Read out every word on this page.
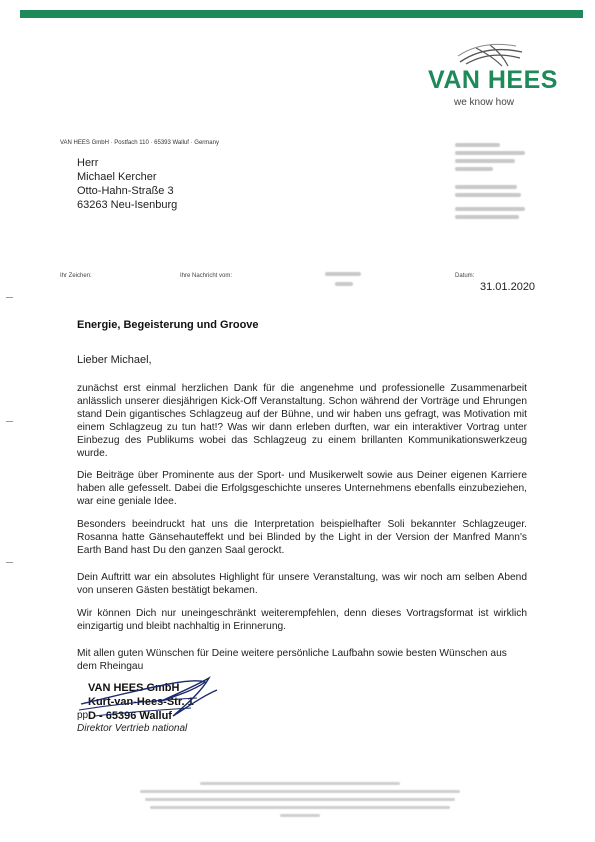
VAN HEES
we know how
VAN HEES GmbH · Postfach 110 · 65393 Walluf · Germany
Herr
Michael Kercher
Otto-Hahn-Straße 3
63263 Neu-Isenburg
Ihr Zeichen:	Ihre Nachricht vom:	Datum:
31.01.2020
Energie, Begeisterung und Groove
Lieber Michael,
zunächst erst einmal herzlichen Dank für die angenehme und professionelle Zusammenarbeit anlässlich unserer diesjährigen Kick-Off Veranstaltung. Schon während der Vorträge und Ehrungen stand Dein gigantisches Schlagzeug auf der Bühne, und wir haben uns gefragt, was Motivation mit einem Schlagzeug zu tun hat!? Was wir dann erleben durften, war ein interaktiver Vortrag unter Einbezug des Publikums wobei das Schlagzeug zu einem brillanten Kommunikationswerkzeug wurde.
Die Beiträge über Prominente aus der Sport- und Musikerwelt sowie aus Deiner eigenen Karriere haben alle gefesselt. Dabei die Erfolgsgeschichte unseres Unternehmens ebenfalls einzubeziehen, war eine geniale Idee.
Besonders beeindruckt hat uns die Interpretation beispielhafter Soli bekannter Schlagzeuger. Rosanna hatte Gänsehauteffekt und bei Blinded by the Light in der Version der Manfred Mann's Earth Band hast Du den ganzen Saal gerockt.
Dein Auftritt war ein absolutes Highlight für unsere Veranstaltung, was wir noch am selben Abend von unseren Gästen bestätigt bekamen.
Wir können Dich nur uneingeschränkt weiterempfehlen, denn dieses Vortragsformat ist wirklich einzigartig und bleibt nachhaltig in Erinnerung.
Mit allen guten Wünschen für Deine weitere persönliche Laufbahn sowie besten Wünschen aus dem Rheingau
VAN HEES GmbH
Kurt-van-Hees-Str. 1
pp.
D - 65396 Walluf
Direktor Vertrieb national
